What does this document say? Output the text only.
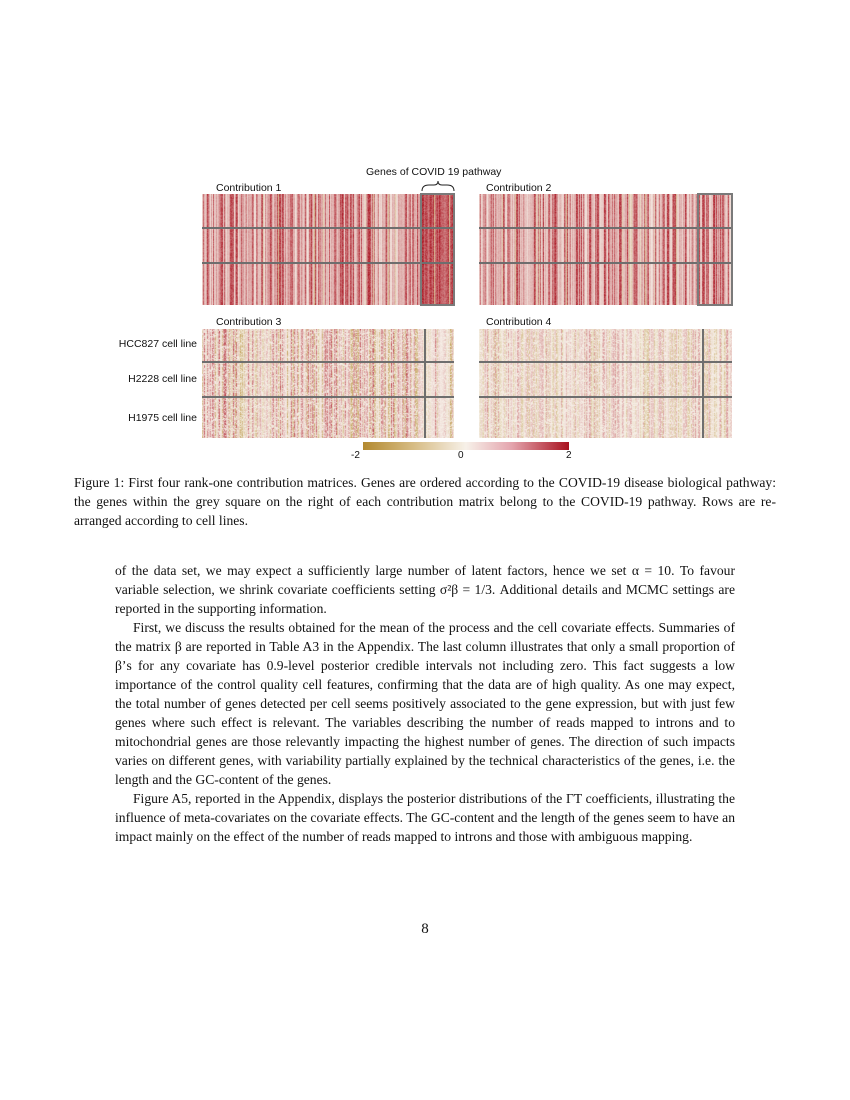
Genes of COVID 19 pathway
Contribution 1	Contribution 2
Contribution 3	Contribution 4
HCC827 cell line
H2228 cell line
H1975 cell line
-2	0	2
Figure 1: First four rank-one contribution matrices. Genes are ordered according to the COVID-19 disease biological pathway: the genes within the grey square on the right of each contribution matrix belong to the COVID-19 pathway. Rows are re-arranged according to cell lines.

of the data set, we may expect a sufficiently large number of latent factors, hence we set α = 10. To favour variable selection, we shrink covariate coefficients setting σ²β = 1/3. Additional details and MCMC settings are reported in the supporting information.

First, we discuss the results obtained for the mean of the process and the cell covariate effects. Summaries of the matrix β are reported in Table A3 in the Appendix. The last column illustrates that only a small proportion of β’s for any covariate has 0.9-level posterior credible intervals not including zero. This fact suggests a low importance of the control quality cell features, confirming that the data are of high quality. As one may expect, the total number of genes detected per cell seems positively associated to the gene expression, but with just few genes where such effect is relevant. The variables describing the number of reads mapped to introns and to mitochondrial genes are those relevantly impacting the highest number of genes. The direction of such impacts varies on different genes, with variability partially explained by the technical characteristics of the genes, i.e. the length and the GC-content of the genes.

Figure A5, reported in the Appendix, displays the posterior distributions of the ΓT coefficients, illustrating the influence of meta-covariates on the covariate effects. The GC-content and the length of the genes seem to have an impact mainly on the effect of the number of reads mapped to introns and those with ambiguous mapping.

8
